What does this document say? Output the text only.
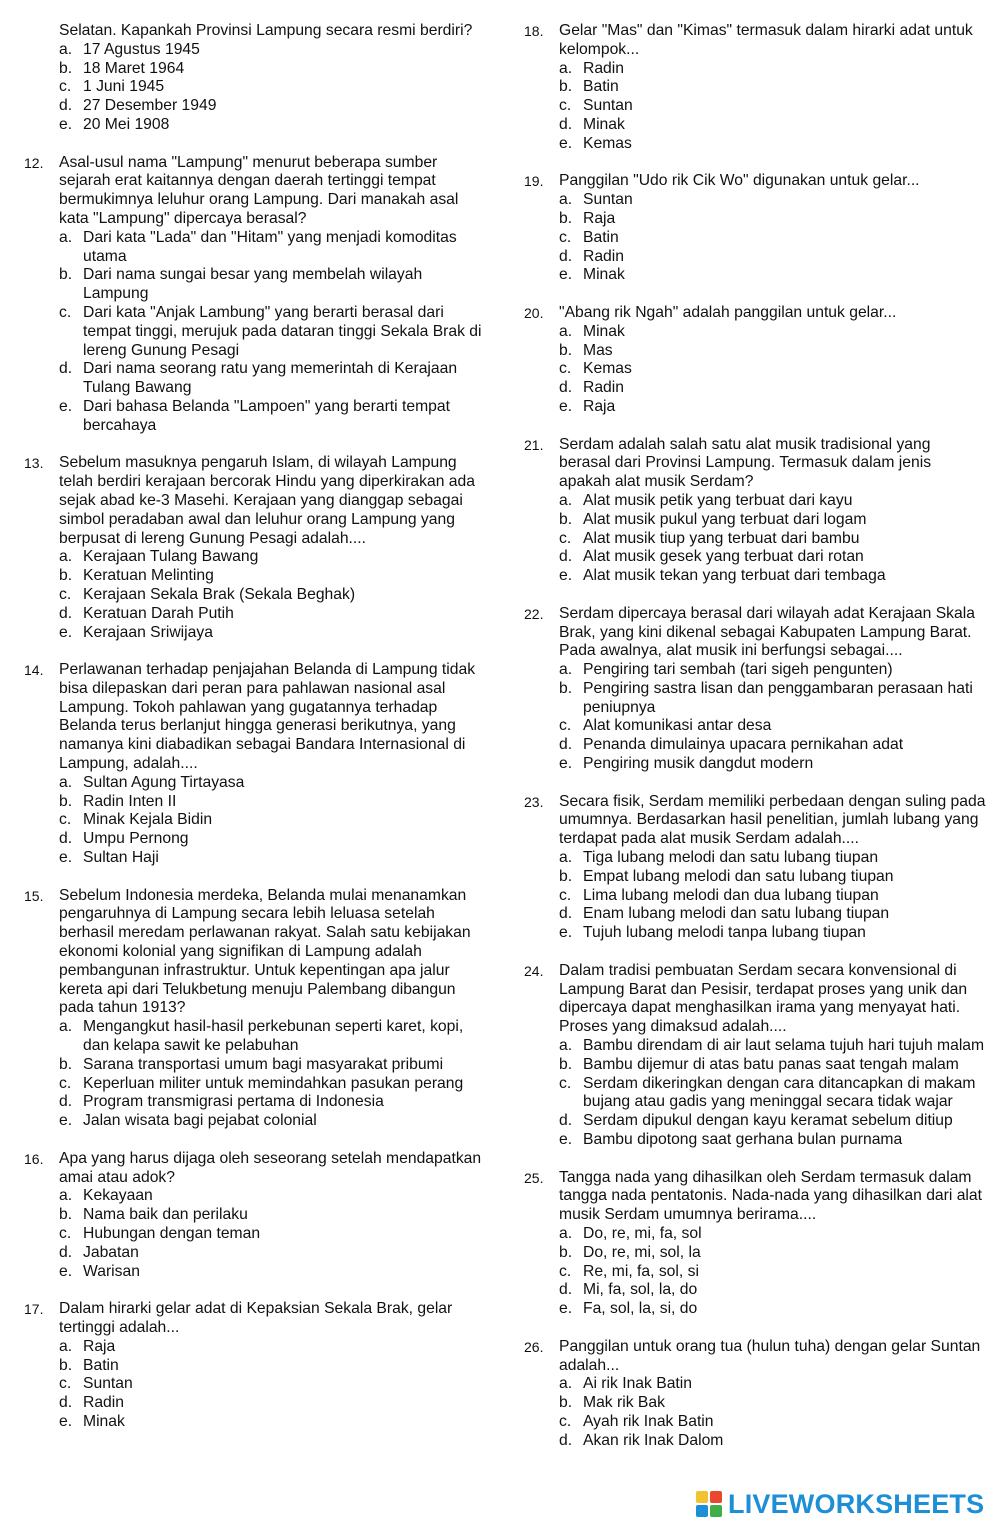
Selatan. Kapankah Provinsi Lampung secara resmi berdiri?
a. 17 Agustus 1945
b. 18 Maret 1964
c. 1 Juni 1945
d. 27 Desember 1949
e. 20 Mei 1908
12. Asal-usul nama "Lampung" menurut beberapa sumber sejarah erat kaitannya dengan daerah tertinggi tempat bermukimnya leluhur orang Lampung. Dari manakah asal kata "Lampung" dipercaya berasal?
a. Dari kata "Lada" dan "Hitam" yang menjadi komoditas utama
b. Dari nama sungai besar yang membelah wilayah Lampung
c. Dari kata "Anjak Lambung" yang berarti berasal dari tempat tinggi, merujuk pada dataran tinggi Sekala Brak di lereng Gunung Pesagi
d. Dari nama seorang ratu yang memerintah di Kerajaan Tulang Bawang
e. Dari bahasa Belanda "Lampoen" yang berarti tempat bercahaya
13. Sebelum masuknya pengaruh Islam, di wilayah Lampung telah berdiri kerajaan bercorak Hindu yang diperkirakan ada sejak abad ke-3 Masehi. Kerajaan yang dianggap sebagai simbol peradaban awal dan leluhur orang Lampung yang berpusat di lereng Gunung Pesagi adalah....
a. Kerajaan Tulang Bawang
b. Keratuan Melinting
c. Kerajaan Sekala Brak (Sekala Beghak)
d. Keratuan Darah Putih
e. Kerajaan Sriwijaya
14. Perlawanan terhadap penjajahan Belanda di Lampung tidak bisa dilepaskan dari peran para pahlawan nasional asal Lampung. Tokoh pahlawan yang gugatannya terhadap Belanda terus berlanjut hingga generasi berikutnya, yang namanya kini diabadikan sebagai Bandara Internasional di Lampung, adalah....
a. Sultan Agung Tirtayasa
b. Radin Inten II
c. Minak Kejala Bidin
d. Umpu Pernong
e. Sultan Haji
15. Sebelum Indonesia merdeka, Belanda mulai menanamkan pengaruhnya di Lampung secara lebih leluasa setelah berhasil meredam perlawanan rakyat. Salah satu kebijakan ekonomi kolonial yang signifikan di Lampung adalah pembangunan infrastruktur. Untuk kepentingan apa jalur kereta api dari Telukbetung menuju Palembang dibangun pada tahun 1913?
a. Mengangkut hasil-hasil perkebunan seperti karet, kopi, dan kelapa sawit ke pelabuhan
b. Sarana transportasi umum bagi masyarakat pribumi
c. Keperluan militer untuk memindahkan pasukan perang
d. Program transmigrasi pertama di Indonesia
e. Jalan wisata bagi pejabat colonial
16. Apa yang harus dijaga oleh seseorang setelah mendapatkan amai atau adok?
a. Kekayaan
b. Nama baik dan perilaku
c. Hubungan dengan teman
d. Jabatan
e. Warisan
17. Dalam hirarki gelar adat di Kepaksian Sekala Brak, gelar tertinggi adalah...
a. Raja
b. Batin
c. Suntan
d. Radin
e. Minak
18. Gelar "Mas" dan "Kimas" termasuk dalam hirarki adat untuk kelompok...
a. Radin
b. Batin
c. Suntan
d. Minak
e. Kemas
19. Panggilan "Udo rik Cik Wo" digunakan untuk gelar...
a. Suntan
b. Raja
c. Batin
d. Radin
e. Minak
20. "Abang rik Ngah" adalah panggilan untuk gelar...
a. Minak
b. Mas
c. Kemas
d. Radin
e. Raja
21. Serdam adalah salah satu alat musik tradisional yang berasal dari Provinsi Lampung. Termasuk dalam jenis apakah alat musik Serdam?
a. Alat musik petik yang terbuat dari kayu
b. Alat musik pukul yang terbuat dari logam
c. Alat musik tiup yang terbuat dari bambu
d. Alat musik gesek yang terbuat dari rotan
e. Alat musik tekan yang terbuat dari tembaga
22. Serdam dipercaya berasal dari wilayah adat Kerajaan Skala Brak, yang kini dikenal sebagai Kabupaten Lampung Barat. Pada awalnya, alat musik ini berfungsi sebagai....
a. Pengiring tari sembah (tari sigeh pengunten)
b. Pengiring sastra lisan dan penggambaran perasaan hati peniupnya
c. Alat komunikasi antar desa
d. Penanda dimulainya upacara pernikahan adat
e. Pengiring musik dangdut modern
23. Secara fisik, Serdam memiliki perbedaan dengan suling pada umumnya. Berdasarkan hasil penelitian, jumlah lubang yang terdapat pada alat musik Serdam adalah....
a. Tiga lubang melodi dan satu lubang tiupan
b. Empat lubang melodi dan satu lubang tiupan
c. Lima lubang melodi dan dua lubang tiupan
d. Enam lubang melodi dan satu lubang tiupan
e. Tujuh lubang melodi tanpa lubang tiupan
24. Dalam tradisi pembuatan Serdam secara konvensional di Lampung Barat dan Pesisir, terdapat proses yang unik dan dipercaya dapat menghasilkan irama yang menyayat hati. Proses yang dimaksud adalah....
a. Bambu direndam di air laut selama tujuh hari tujuh malam
b. Bambu dijemur di atas batu panas saat tengah malam
c. Serdam dikeringkan dengan cara ditancapkan di makam bujang atau gadis yang meninggal secara tidak wajar
d. Serdam dipukul dengan kayu keramat sebelum ditiup
e. Bambu dipotong saat gerhana bulan purnama
25. Tangga nada yang dihasilkan oleh Serdam termasuk dalam tangga nada pentatonis. Nada-nada yang dihasilkan dari alat musik Serdam umumnya berirama....
a. Do, re, mi, fa, sol
b. Do, re, mi, sol, la
c. Re, mi, fa, sol, si
d. Mi, fa, sol, la, do
e. Fa, sol, la, si, do
26. Panggilan untuk orang tua (hulun tuha) dengan gelar Suntan adalah...
a. Ai rik Inak Batin
b. Mak rik Bak
c. Ayah rik Inak Batin
d. Akan rik Inak Dalom
LIVEWORKSHEETS
